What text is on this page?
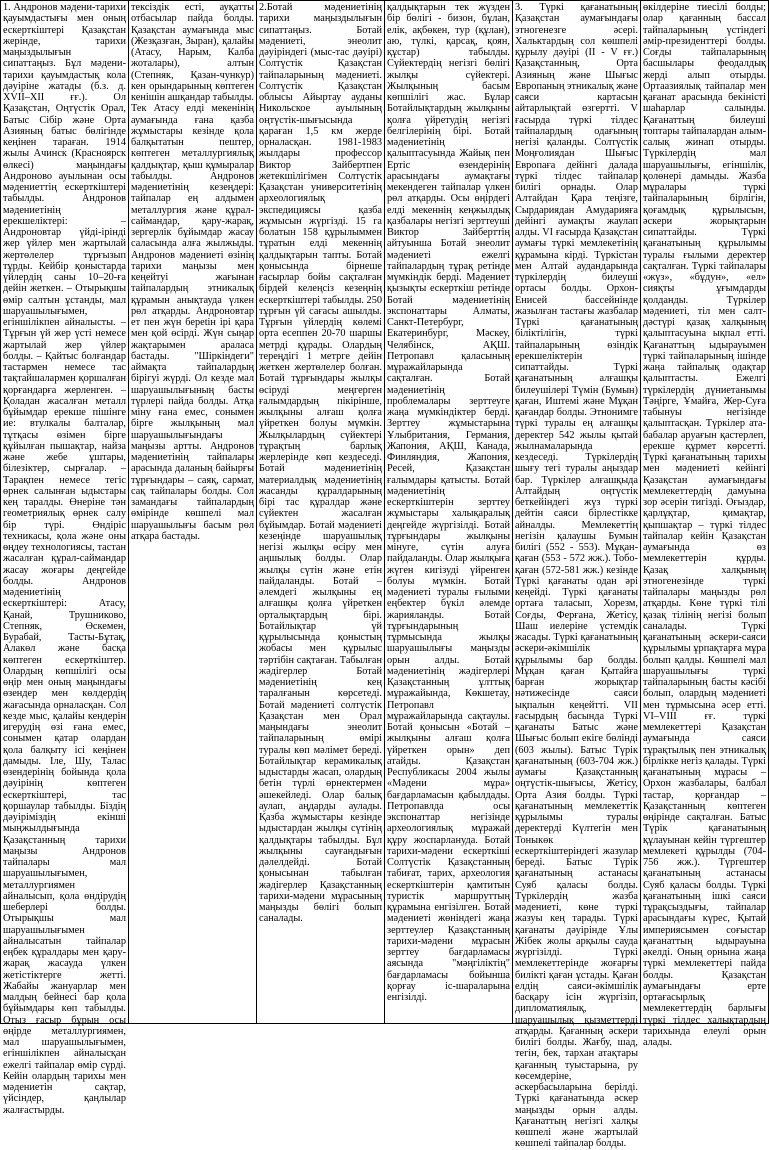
1. Андронов мәдени-тарихи қауымдастығы мен оның ескерткіштері Қазақстан жерінде, тарихи маңыздылығын сипаттаңыз. Бұл мәдени-тарихи қауымдастық кола дәуіріне жатады (б.з. д. XVII–XII ғғ.). Ол Қазақстан, Оңтүстік Орал, Батыс Сібір және Орта Азияның батыс бөлігінде кеңінен тараған. 1914 жылы Ачинск (Красноярск өлкесі) маңындағы Андроново ауылынан осы мәдениеттің ескерткіштері табылды. Андронов мәдениетінің ерекшеліктері: – Андроновтар үйді-ірінді жер үйлер мен жартылай жертөлелер тұрғызып тұрды. Кейбір қоныстарда үйлердің саны 10–20-ға дейін жеткен. – Отырықшы өмір салтын ұстанды, мал шаруашылығымен, егіншілікпен айналысты. – Тұрғын үй жер үсті немесе жартылай жер үйлер болды. – Қайтыс болғандар тастармен немесе тас тақтайшалармен қоршалған қорғандарға жерленген. – Қоладан жасалған металл бұйымдар ерекше пішінге ие: втулкалы балталар, тұтқасы өзімен бірге құйылған пышақтар, найза және жебе ұштары, білезіктер, сырғалар. – Тарақпен немесе тегіс өрнек салынған ыдыстары кең таралды. Өнеріне тән геометриялық өрнек салу бір түрі. Өндіріс техникасы, қола және оны өңдеу технологиясы, тастан жасалған құрал-саймандар жасау жоғары деңгейде болды. Андронов мәдениетінің ескерткіштері: Атасу, Қанай, Трушниково, Степняк, Өскемен, Бурабай, Тасты-Бұтақ, Алакөл және басқа көптеген ескерткіштер. Олардың көпшілігі осы өңір мен оның маңындағы өзендер мен көлдердің жағасында орналасқан. Сол кезде мыс, қалайы кендерін игерудің өзі ғана емес, сонымен қатар олардан қола балқыту ісі кеңінен дамыды. Іле, Шу, Талас өзендерінің бойында қола дәуірінің көптеген ескерткіштері, тас қоршаулар табылды. Біздің дәуіріміздің екінші мыңжылдығында Қазақстанның тарихи маңызы Андронов тайпалары мал шаруашылығымен, металлургиямен айналысып, қола өндірудің шеберлері болды. Отырықшы мал шаруашылығымен айналысатын тайпалар еңбек құралдары мен қару-жарақ жасауда үлкен жетістіктерге жетті. Жабайы жануарлар мен малдың бейнесі бар қола бұйымдары көп табылды. Отыз ғасыр бұрын осы өңірде металлургиямен, мал шаруашылығымен, егіншілікпен айналысқан ежелгі тайпалар өмір сүрді. Кейін олардың тарихы мен мәдениетін сақтар, үйсіндер, қаңлылар жалғастырды.

тексіздік есті, ауқатты отбасылар пайда болды. Қазақстан аумағында мыс (Жезқазған, Зыран), қалайы (Атасу, Нарым, Калба жоталары), алтын (Степняк, Қазан-чункур) кен орындарының көптеген кенішін ашқандар табылды. Тек Атасу елді мекенінің аумағында ғана қазба жұмыстары кезінде қола балқытатын пештер, көптеген металлургиялық қалдықтар, қыш құмыралар табылды. Андронов мәдениетінің кезеңдері: тайпалар ең алдымен металлургия және құрал-саймандар, қару-жарақ, зергерлік бұйымдар жасау саласында алға жылжыды. Андронов мәдениеті өзінің тарихи маңызы мен кеңейтуі жағынан тайпалардың этникалық құрамын анықтауда үлкен рөл атқарды. Андроновтар ет пен жүн берetін ірі қара мен қой өсірді. Жүн сыңар жақтарымен араласа бастады. "Шіркіндеги" аймақта тайпалардың бірігуі жүрді. Ол кезде мал шаруашылығының басты түрлері пайда болды. Атқа міну ғана емес, сонымен бірге жылқының мал шаруашылығындағы маңызы артты. Андронов мәдениетінің тайпалары арасында даланың байырғы тұрғындары – саяқ, сармат, сақ тайпалары болды. Сол замандағы тайпалардың өмірінде көшпелі мал шаруашылығы басым рөл атқара бастады.

2.Ботай мәдениетінің тарихи маңыздылығын сипаттаңыз. Ботай мәдениеті, энеолит дәуіріндегі (мыс-тас дәуірі) Солтүстік Қазақстан тайпаларының мәдениеті. Солтүстік Қазақстан облысы Айыртау ауданы Никольское ауылының оңтүстік-шығысында қараған 1,5 км жерде орналасқан. 1981-1983 жылдары профессор Виктор Зайбертпен жетекшілігімен Солтүстік Қазақстан университетінің археологиялық экспедициясы қазба жұмысын жүргізді. 15 га болатын 158 құрылыммен тұратын елді мекеннің қалдықтарын тапты. Ботай қонысында бірнеше ғасырлар бойы сақталған бірдей келеңсіз кезеңнің ескерткіштері табылды. 250 тұрғын үй сағасы ашылды. Тұрғын үйлердің көлемі орта есеппен 20-70 шаршы метрді құрады. Олардың тереңдігі 1 метрге дейін жеткен жертөлелер болған. Ботай тұрғындары жылқы өсіруді меңгерген ғалымдардың пікірінше, жылқыны алғаш қолға үйреткен болуы мүмкін. Жылқылардың сүйектері тұрақтың барлық жерлерінде көп кездеседі. Ботай мәдениетінің материалдық мәдениетінің жасанды құралдарының бірі тас құралдар және сүйектен жасалған бұйымдар. Ботай мәдениеті кезеңінде шаруашылық негізі жылқы өсіру мен аңшылық болды. Олар жылқы сүтін және етін пайдаланды. Ботай – әлемдегі жылқыны ең алғашқы қолға үйреткен орталықтардың бірі. Ботайлықтар үй құрылысында қоныстың жобасы мен құрылыс тәртібін сақтаған. Табылған жәдігерлер Ботай мәдениетінің кең таралғанын көрсетеді. Ботай мәдениеті солтүстік Қазақстан мен Орал маңындағы энеолит тайпаларының өмірі туралы көп мәлімет береді. Ботайлықтар керамикалық ыдыстарды жасап, олардың бетін түрлі өрнектермен әшекейледі. Олар балық аулап, аңдарды аулады. Қазба жұмыстары кезінде ыдыстардан жылқы сүтінің қалдықтары табылды. Бұл жылқыны сауғандығын дәлелдейді. Ботай қонысынан табылған жәдігерлер Қазақстанның тарихи-мәдени мұрасының маңызды бөлігі болып саналады.

қалдықтарын тек жүзден бір бөлігі - бизон, бұлан, елік, ақбөкен, тур (құлан), аю, түлкі, қарсақ, қоян, құстар) табылды. Сүйектердің негізгі бөлігі жылқы сүйектері. Жылқының басым көпшілігі жас. Бұлар Ботайлықтардың жылқыны қолға үйретудің негізгі белгілерінің бірі. Ботай мәдениетінің қалыптасуында Жайық пен Ертіс өзендерінің арасындағы аумақтағы мекендеген тайпалар үлкен рөл атқарды. Осы өңірдегі елді мекеннің кеңжылдық қазбалары негізгі зерттеуші Виктор Зайберттің айтуынша Ботай энеолит мәдениеті ежелгі тайпалардың тұрақ ретінде мүмкіндік берді. Мәдениет қызықты ескерткіш ретінде Ботай мәдениетінің экспонаттары Алматы, Санкт-Петербург, Екатеринбург, Мәскеу, Челябінск, АҚШ. Петропавл қаласының мұражайларында сақталған. Ботай мәдениетінің проблемалары зерттеуге жаңа мүмкіндіктер берді. Зерттеу жұмыстарына Ұлыбритания, Германия, Жапония, АҚШ, Канада, Финляндия, Жапония, Ресей, Қазақстан ғалымдары қатысты. Ботай мәдениетінің ескерткіштерін зерттеу жұмыстары халықаралық деңгейде жүргізілді. Ботай тұрғындары жылқыны мінуге, сүтін алуға пайдаланды. Олар жылқыға жүген кигізуді үйренген болуы мүмкін. Ботай мәдениеті туралы ғылыми еңбектер бүкіл әлемде жарияланды. Ботай тұрғындарының тұрмысында жылқы шаруашылығы маңызды орын алды. Ботай мәдениетінің жәдігерлері Қазақстанның ұлттық мұражайында, Көкшетау, Петропавл мұражайларында сақтаулы. Ботай қонысын «Ботай – жылқыны алғаш қолға үйреткен орын» деп атайды. Қазақстан Республикасы 2004 жылы «Мәдени мұра» бағдарламасын қабылдады. Петропавлда осы экспонаттар негізінде археологиялық мұражай құру жоспарлануда. Ботай тарихи-мәдени ескерткіші Солтүстік Қазақстанның табиғат, тарих, археология ескерткіштерін қамтитын туристік маршруттың құрамына енгізілген. Ботай мәдениеті жөніндегі жаңа зерттеулер Қазақстанның тарихи-мәдени мұрасын зерттеу бағдарламасы аясында "мәңгіліктің" бағдарламасы бойынша қорғау іс-шараларына енгізілді.

3. Түркі қағанатының Қазақстан аумағындағы этногенезге әсері. Хальктардың сол көшпелі құрылу дәуірі (II - V ғғ.) Қазақстанның, Орта Азияның және Шығыс Европаның этникалық және саяси картасын айтарлықтай өзгертті. V ғасырда түркі тілдес тайпалардың одағының негізі қаланды. Солтүстік Моңғолиядан Шығыс Европаға дейінгі далада түркі тілдес тайпалар билігі орнады. Олар Алтайдан Қара теңізге, Сырдариядан Амударияға дейінгі аумақты жаулап алды. VI ғасырда Қазақстан аумағы түркі мемлекетінің құрамына кірді. Түркістан мен Алтай аудандарында түркілердің билеуші ортасы болды. Орхон-Енисей бассейнінде жазылған тастағы жазбалар Түркі қағанатының біліктілігін, түркі тайпаларының өзіндік ерекшеліктерін сипаттайды. Түркі қағанатының алғашқы билеушілері Түмін (Бумын) қаған, Иштемі және Мұқан қағандар болды. Этнонимге түркі туралы ең алғашқы деректер 542 жылы қытай жылнамаларында кездеседі. Түркілердің шығу тегі туралы аңыздар бар. Түркілер алғашқыда Алтайдың оңтүстік беткейіндегі жүз түркі дейтін саяси бірлестікке айналды. Мемлекеттің негізін қалаушы Бумын билігі (552 - 553). Мұқан-қаған (553 - 572 жж.). Тобо-қаған (572-581 жж.) кезінде Түркі қағанаты одан әрі кеңейді. Түркі қағанаты ортаға таласып, Хорезм, Соғды, Ферғана, Жетісу, Шаш иелеріне үстемдік жасады. Түркі қағанатының әскери-әкімшілік құрылымы бар болды. Мұқан қаған Қытайға барған жорықтар нәтижесінде саяси ықпалын кеңейтті. VII ғасырдың басында Түркі қағанаты Батыс және Шығыс болып екіге бөлінді (603 жылы). Батыс Түрік қағанатының (603-704 жж.) аумағы Қазақстанның оңтүстік-шығысы, Жетісу, Орта Азия болды. Түркі қағанатының мемлекеттік құрылымы туралы деректерді Күлтегін мен Тоныкөк ескерткіштеріндегі жазулар береді. Батыс Түрік қағанатының астанасы Суяб қаласы болды. Түркілердің жазба мәдениеті, көне түркі жазуы кең тарады. Түркі қағанаты дәуірінде Ұлы Жібек жолы арқылы сауда жүргізілді. Түркі мемлекеттерінде жоғарғы билікті қаған ұстады. Қаған елдің саяси-әкімшілік басқару ісін жүргізіп, дипломатиялық, шаруашылық қызметтерді атқарды. Қағанның әскери билігі болды. Жағбу, шад, тегін, бек, тархан атақтары қағанның туыстарына, ру көсемдеріне, әскербасыларына берілді. Түркі қағанатында әскер маңызды орын алды. Қағанаттың негізгі халқы көшпелі және жартылай көшпелі тайпалар болды.

өкілдеріне тиесілі болды; олар қағанның бассал тайпаларының үстіндегі әмір-президенттері болды. Соғды тайпаларының басшылары феодалдық жерді алып отырды. Ортаазиялық тайпалар мен қағанат арасында бекіністі шаһарлар салынды. Қағанаттың билеуші топтары тайпалардан алым-салық жинап отырды. Түркілердің мал шаруашылығы, егіншілік, қолөнері дамыды. Жазба мұралары түркі тайпаларының бірлігін, қоғамдық құрылысын, әскери жорықтарын сипаттайды. Түркі қағанатының құрылымы туралы ғылыми деректер сақталған. Түркі тайпалары «жүз», «бұдун», «ел» сияқты ұғымдарды қолданды. Түркілер мәдениеті, тіл мен салт-дәстүрі қазақ халқының қалыптасуына ықпал етті. Қағанаттың ыдырауымен түркі тайпаларының ішінде жаңа тайпалық одақтар қалыптасты. Ежелгі түркілердің дүниетанымы Тәңірге, Ұмайға, Жер-Суға табынуы негізінде қалыптасқан. Түркілер ата-бабалар аруағын қастерлеп, ерекше құрмет көрсетті. Түркі қағанатының тарихы мен мәдениеті кейінгі Қазақстан аумағындағы мемлекеттердің дамуына зор әсерін тигізді. Оғыздар, қарлұқтар, қимақтар, қыпшақтар – түркі тілдес тайпалар кейін Қазақстан аумағында өз мемлекеттерін құрды. Қазақ халқының этногенезінде түркі тайпалары маңызды рөл атқарды. Көне түркі тілі қазақ тілінің негізі болып саналады. Түркі қағанатының әскери-саяси құрылымы ұрпақтарға мұра болып қалды. Көшпелі мал шаруашылығы түркі тайпаларының басты кәсібі болып, олардың мәдениеті мен тұрмысына әсер етті. VI–VIII ғғ. түркі мемлекеттері Қазақстан аумағында саяси тұрақтылық пен этникалық бірлікке негіз қалады. Түркі қағанатының мұрасы – Орхон жазбалары, балбал тастар, қорғандар – Қазақстанның көптеген өңірінде сақталған. Батыс Түрік қағанатының құлауынан кейін түргештер мемлекеті құрылды (704-756 жж.). Түргештер қағанатының астанасы Суяб қаласы болды. Түркі қағанатының ішкі саяси тұрақсыздығы, тайпалар арасындағы күрес, Қытай империясымен соғыстар қағанаттың ыдырауына әкелді. Оның орнына жаңа түркі мемлекеттері пайда болды. Қазақстан аумағындағы ерте ортағасырлық мемлекеттердің барлығы түркі тілдес халықтардың тарихында елеулі орын алады.
